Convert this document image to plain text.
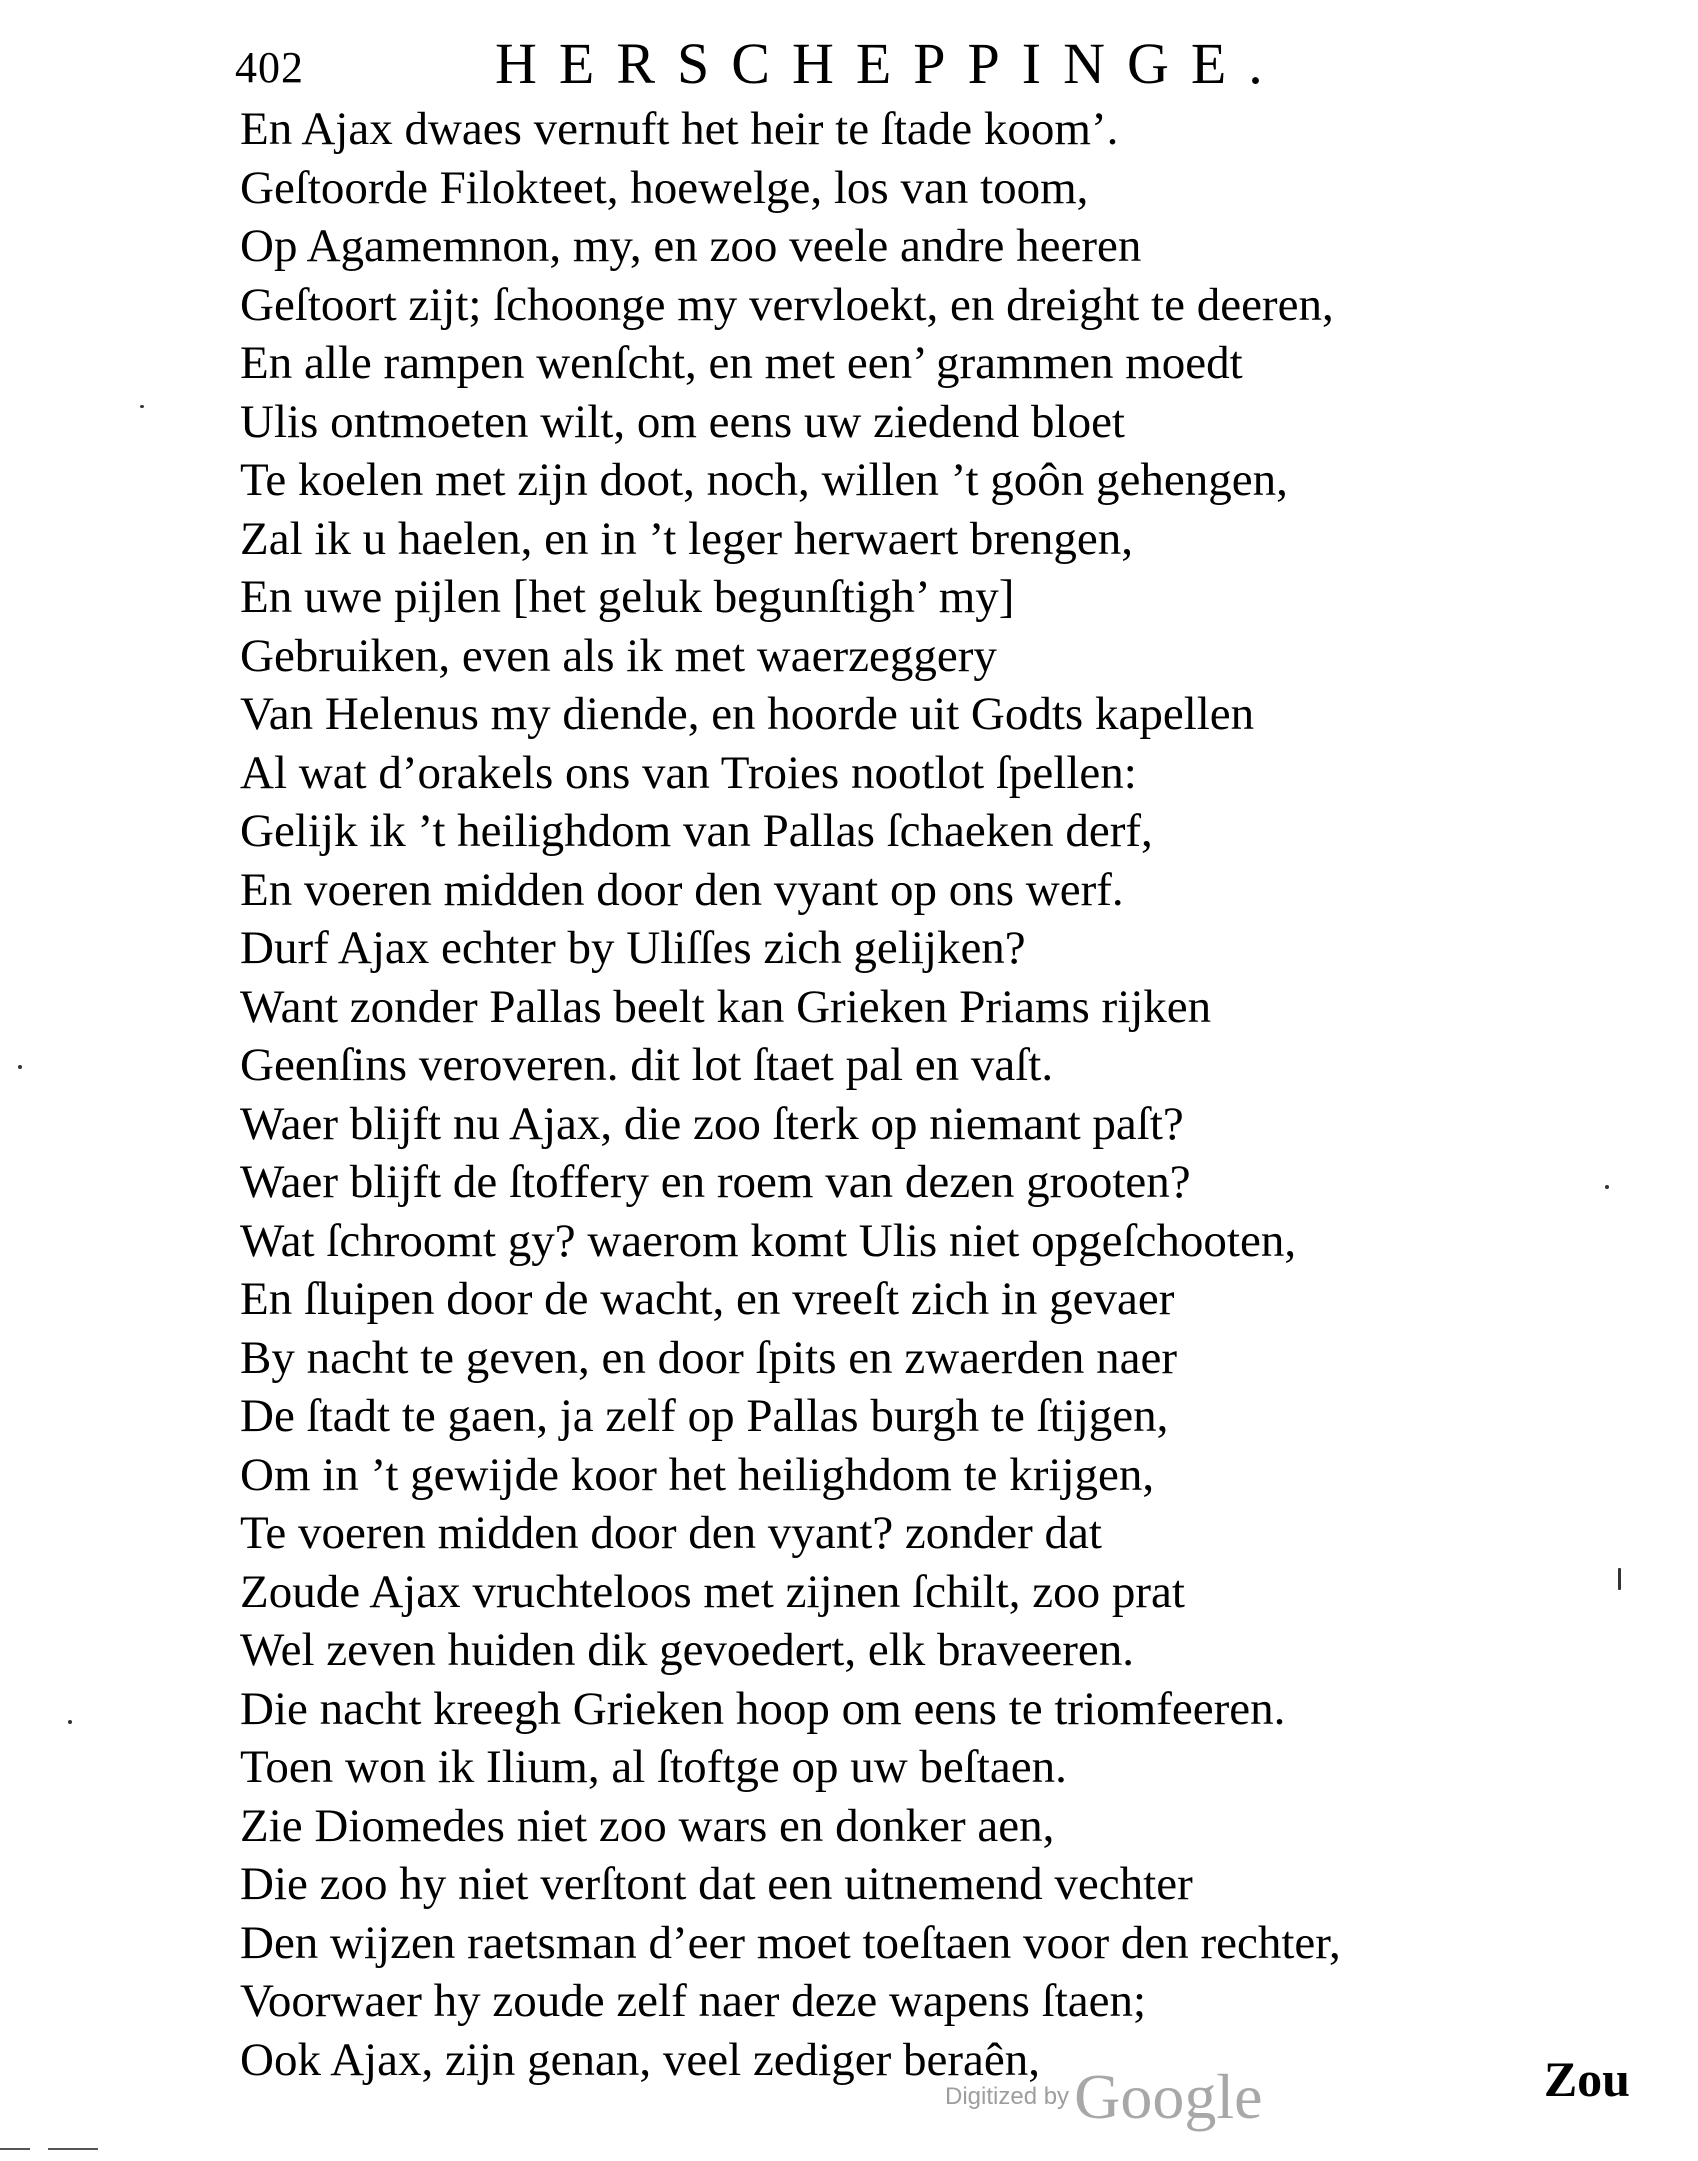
402	HERSCHEPPINGE.
En Ajax dwaes vernuft het heir te ſtade koom’.
Geſtoorde Filokteet, hoewelge, los van toom,
Op Agamemnon, my, en zoo veele andre heeren
Geſtoort zijt; ſchoonge my vervloekt, en dreight te deeren,
En alle rampen wenſcht, en met een’ grammen moedt
Ulis ontmoeten wilt, om eens uw ziedend bloet
Te koelen met zijn doot, noch, willen ’t goôn gehengen,
Zal ik u haelen, en in ’t leger herwaert brengen,
En uwe pijlen [het geluk begunſtigh’ my]
Gebruiken, even als ik met waerzeggery
Van Helenus my diende, en hoorde uit Godts kapellen
Al wat d’orakels ons van Troies nootlot ſpellen:
Gelijk ik ’t heilighdom van Pallas ſchaeken derf,
En voeren midden door den vyant op ons werf.
Durf Ajax echter by Uliſſes zich gelijken?
Want zonder Pallas beelt kan Grieken Priams rijken
Geenſins veroveren. dit lot ſtaet pal en vaſt.
Waer blijft nu Ajax, die zoo ſterk op niemant paſt?
Waer blijft de ſtoffery en roem van dezen grooten?
Wat ſchroomt gy? waerom komt Ulis niet opgeſchooten,
En ſluipen door de wacht, en vreeſt zich in gevaer
By nacht te geven, en door ſpits en zwaerden naer
De ſtadt te gaen, ja zelf op Pallas burgh te ſtijgen,
Om in ’t gewijde koor het heilighdom te krijgen,
Te voeren midden door den vyant? zonder dat
Zoude Ajax vruchteloos met zijnen ſchilt, zoo prat
Wel zeven huiden dik gevoedert, elk braveeren.
Die nacht kreegh Grieken hoop om eens te triomfeeren.
Toen won ik Ilium, al ſtoftge op uw beſtaen.
Zie Diomedes niet zoo wars en donker aen,
Die zoo hy niet verſtont dat een uitnemend vechter
Den wijzen raetsman d’eer moet toeſtaen voor den rechter,
Voorwaer hy zoude zelf naer deze wapens ſtaen;
Ook Ajax, zijn genan, veel zediger beraên,
Digitized by Google	Zou
